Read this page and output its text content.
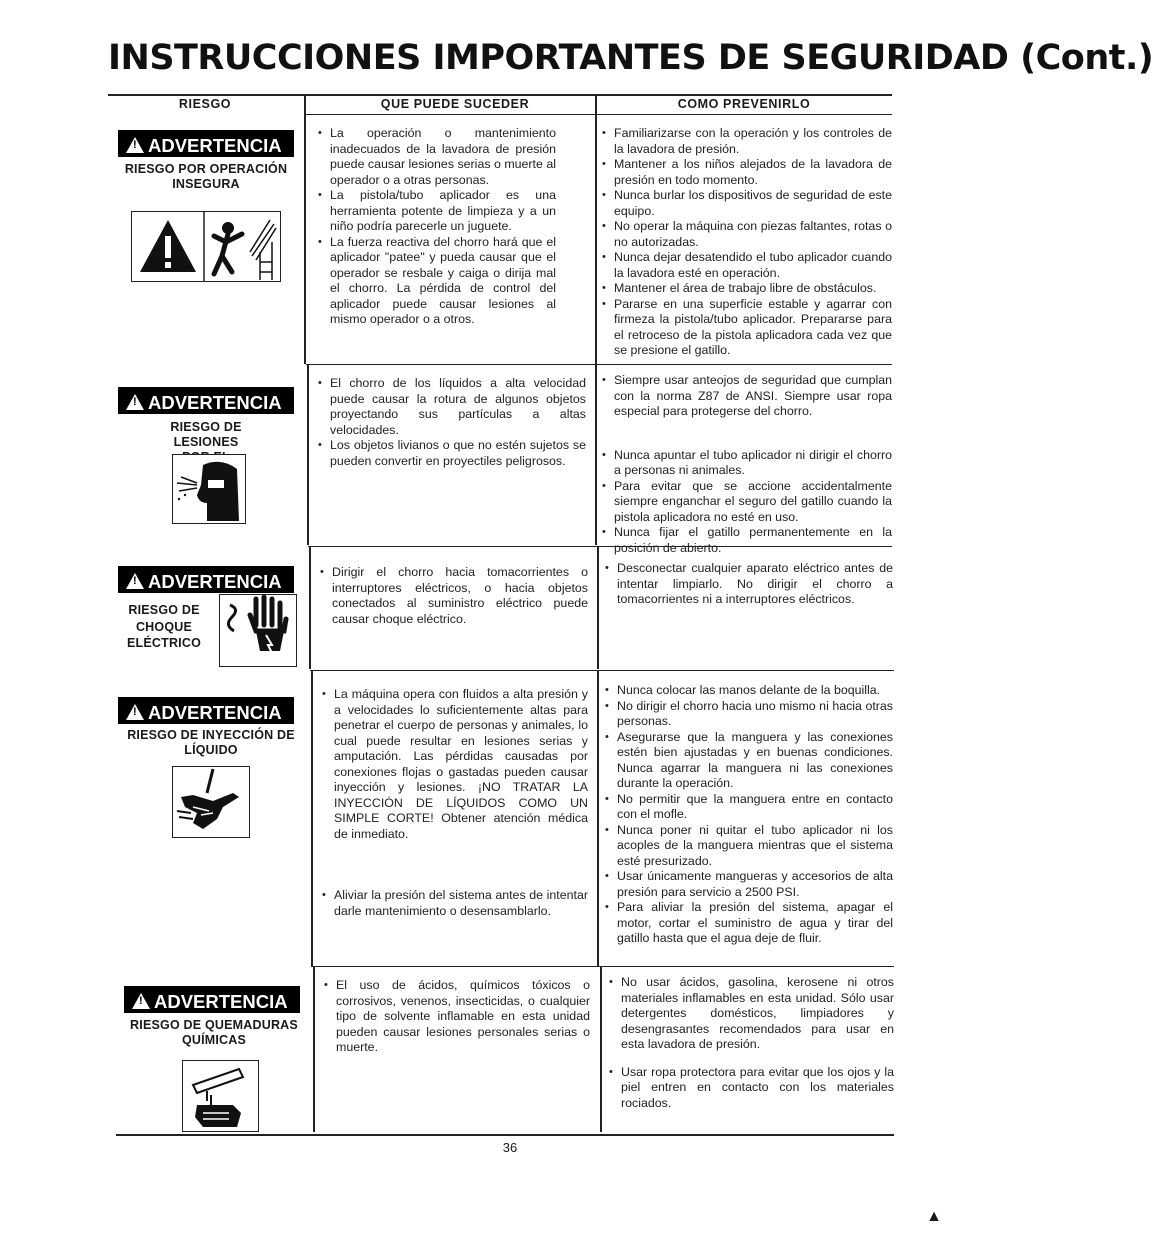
INSTRUCCIONES IMPORTANTES DE SEGURIDAD (Cont.)
RIESGO	QUE PUEDE SUCEDER	COMO PREVENIRLO
! ADVERTENCIA
RIESGO POR OPERACIÓN INSEGURA
• La operación o mantenimiento inadecuados de la lavadora de presión puede causar lesiones serias o muerte al operador o a otras personas.
• La pistola/tubo aplicador es una herramienta potente de limpieza y a un niño podría parecerle un juguete.
• La fuerza reactiva del chorro hará que el aplicador "patee" y pueda causar que el operador se resbale y caiga o dirija mal el chorro. La pérdida de control del aplicador puede causar lesiones al mismo operador o a otros.
• Familiarizarse con la operación y los controles de la lavadora de presión.
• Mantener a los niños alejados de la lavadora de presión en todo momento.
• Nunca burlar los dispositivos de seguridad de este equipo.
• No operar la máquina con piezas faltantes, rotas o no autorizadas.
• Nunca dejar desatendido el tubo aplicador cuando la lavadora esté en operación.
• Mantener el área de trabajo libre de obstáculos.
• Pararse en una superficie estable y agarrar con firmeza la pistola/tubo aplicador. Prepararse para el retroceso de la pistola aplicadora cada vez que se presione el gatillo.
! ADVERTENCIA
RIESGO DE LESIONES
• El chorro de los líquidos a alta velocidad puede causar la rotura de algunos objetos proyectando sus partículas a altas velocidades.
• Los objetos livianos o que no estén sujetos se pueden convertir en proyectiles peligrosos.
• Siempre usar anteojos de seguridad que cumplan con la norma Z87 de ANSI. Siempre usar ropa especial para protegerse del chorro.
• Nunca apuntar el tubo aplicador ni dirigir el chorro a personas ni animales.
• Para evitar que se accione accidentalmente siempre enganchar el seguro del gatillo cuando la pistola aplicadora no esté en uso.
• Nunca fijar el gatillo permanentemente en la posición de abierto.
! ADVERTENCIA
RIESGO DE
CHOQUE
ELÉCTRICO
• Dirigir el chorro hacia tomacorrientes o interruptores eléctricos, o hacia objetos conectados al suministro eléctrico puede causar choque eléctrico.
• Desconectar cualquier aparato eléctrico antes de intentar limpiarlo. No dirigir el chorro a tomacorrientes ni a interruptores eléctricos.
! ADVERTENCIA
RIESGO DE INYECCIÓN DE
LÍQUIDO
• La máquina opera con fluidos a alta presión y a velocidades lo suficientemente altas para penetrar el cuerpo de personas y animales, lo cual puede resultar en lesiones serias y amputación. Las pérdidas causadas por conexiones flojas o gastadas pueden causar inyección y lesiones. ¡NO TRATAR LA INYECCIÓN DE LÍQUIDOS COMO UN SIMPLE CORTE! Obtener atención médica de inmediato.
• Aliviar la presión del sistema antes de intentar darle mantenimiento o desensamblarlo.
• Nunca colocar las manos delante de la boquilla.
• No dirigir el chorro hacia uno mismo ni hacia otras personas.
• Asegurarse que la manguera y las conexiones estén bien ajustadas y en buenas condiciones. Nunca agarrar la manguera ni las conexiones durante la operación.
• No permitir que la manguera entre en contacto con el mofle.
• Nunca poner ni quitar el tubo aplicador ni los acoples de la manguera mientras que el sistema esté presurizado.
• Usar únicamente mangueras y accesorios de alta presión para servicio a 2500 PSI.
• Para aliviar la presión del sistema, apagar el motor, cortar el suministro de agua y tirar del gatillo hasta que el agua deje de fluir.
! ADVERTENCIA
RIESGO DE QUEMADURAS QUÍMICAS
• El uso de ácidos, químicos tóxicos o corrosivos, venenos, insecticidas, o cualquier tipo de solvente inflamable en esta unidad pueden causar lesiones personales serias o muerte.
• No usar ácidos, gasolina, kerosene ni otros materiales inflamables en esta unidad. Sólo usar detergentes domésticos, limpiadores y desengrasantes recomendados para usar en esta lavadora de presión.
• Usar ropa protectora para evitar que los ojos y la piel entren en contacto con los materiales rociados.
36
▲
